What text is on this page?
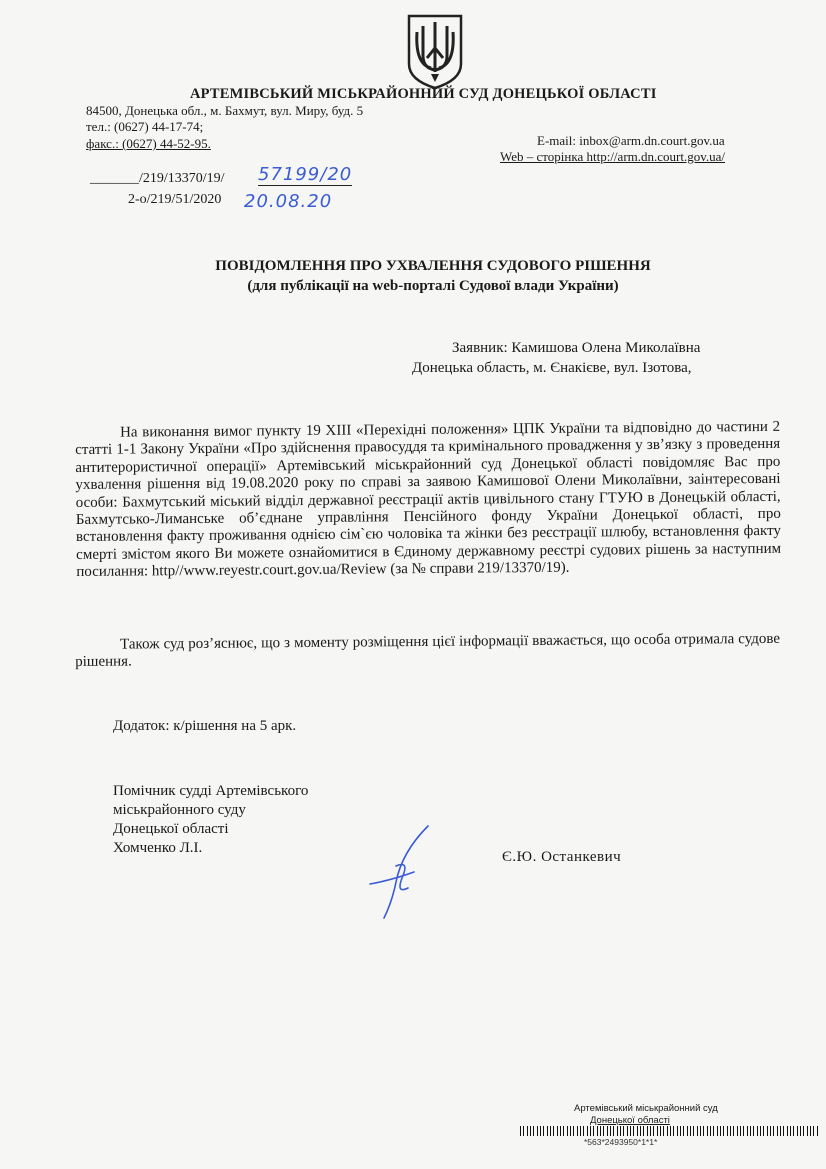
АРТЕМІВСЬКИЙ МІСЬКРАЙОННИЙ СУД ДОНЕЦЬКОЇ ОБЛАСТІ
84500, Донецька обл., м. Бахмут, вул. Миру, буд. 5
тел.: (0627) 44-17-74;
факс.: (0627) 44-52-95.	E-mail: inbox@arm.dn.court.gov.ua
Web – сторінка http://arm.dn.court.gov.ua/
_______/219/13370/19/
2-о/219/51/2020
57199/20
20.08.20
ПОВІДОМЛЕННЯ ПРО УХВАЛЕННЯ СУДОВОГО РІШЕННЯ
(для публікації на web-порталі Судової влади України)
Заявник: Камишова Олена Миколаївна
Донецька область, м. Єнакієве, вул. Ізотова,
На виконання вимог пункту 19 XIII «Перехідні положення» ЦПК України та відповідно до частини 2 статті 1-1 Закону України «Про здійснення правосуддя та кримінального провадження у зв’язку з проведення антитерористичної операції» Артемівський міськрайонний суд Донецької області повідомляє Вас про ухвалення рішення від 19.08.2020 року по справі за заявою Камишової Олени Миколаївни, заінтересовані особи: Бахмутський міський відділ державної реєстрації актів цивільного стану ГТУЮ в Донецькій області, Бахмутсько-Лиманське об’єднане управління Пенсійного фонду України Донецької області, про встановлення факту проживання однією сім`єю чоловіка та жінки без реєстрації шлюбу, встановлення факту смерті змістом якого Ви можете ознайомитися в Єдиному державному реєстрі судових рішень за наступним посилання: http//www.reyestr.court.gov.ua/Review (за № справи 219/13370/19).
Також суд роз’яснює, що з моменту розміщення цієї інформації вважається, що особа отримала судове рішення.
Додаток: к/рішення на 5 арк.
Помічник судді Артемівського
міськрайонного суду
Донецької області
Хомченко Л.І.
Є.Ю. Останкевич
Артемівський міськрайонний суд
Донецької області
*563*2493950*1*1*
